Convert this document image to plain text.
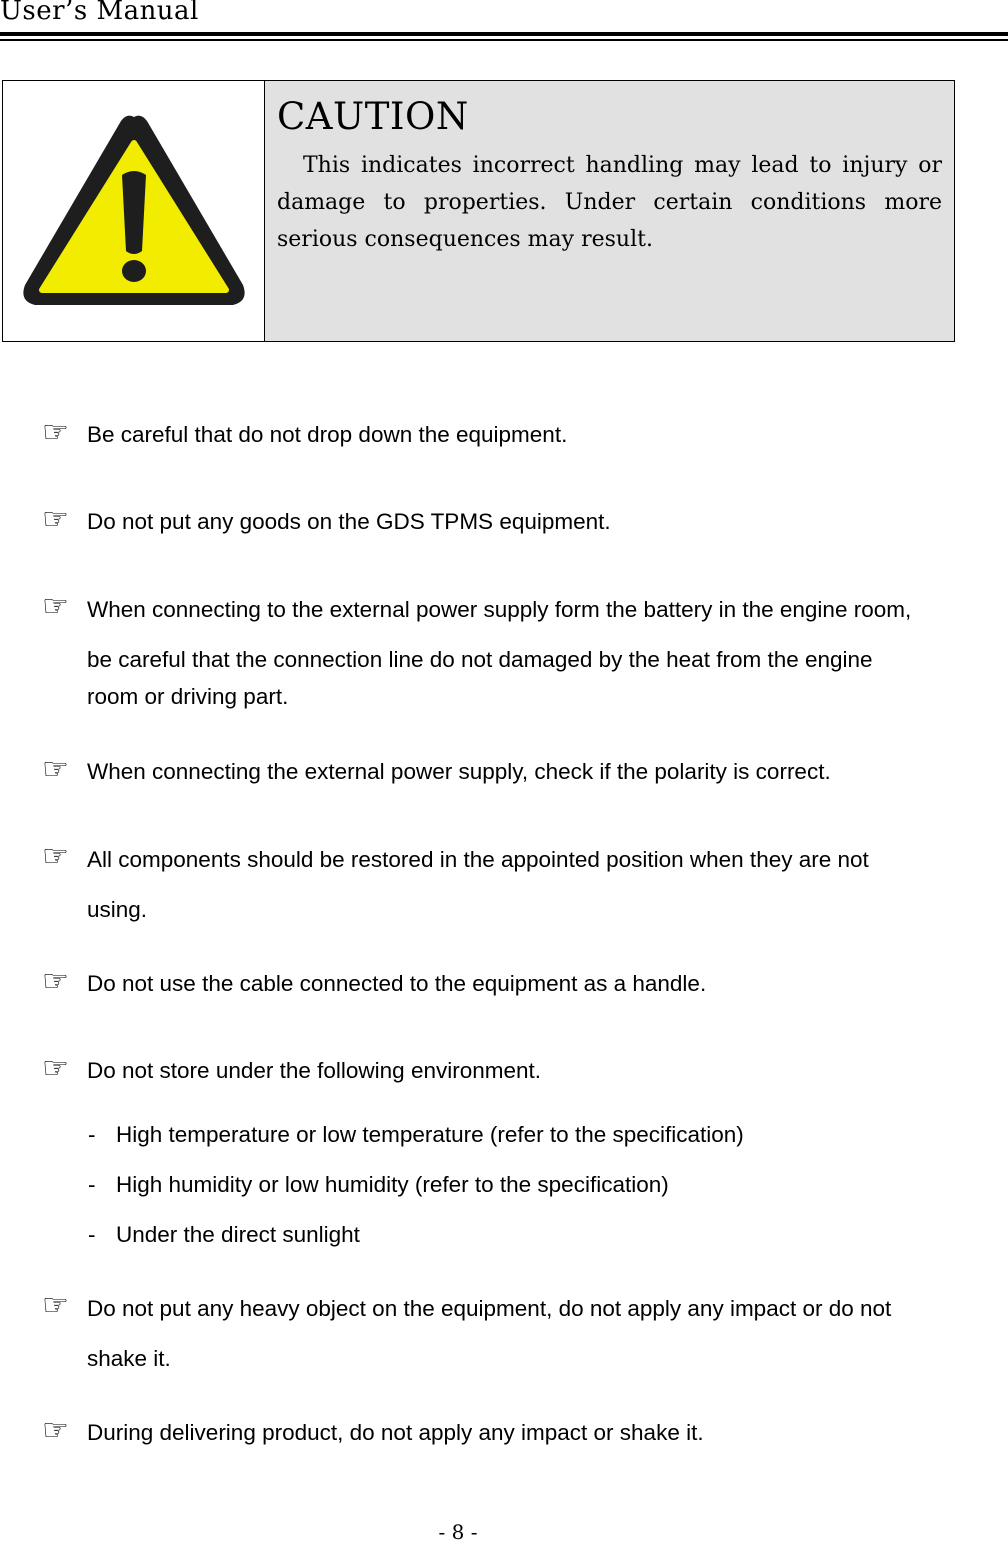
User’s Manual
CAUTION

This indicates incorrect handling may lead to injury or damage to properties. Under certain conditions more serious consequences may result.

☞ Be careful that do not drop down the equipment.
☞ Do not put any goods on the GDS TPMS equipment.
☞ When connecting to the external power supply form the battery in the engine room,
be careful that the connection line do not damaged by the heat from the engine
room or driving part.
☞ When connecting the external power supply, check if the polarity is correct.
☞ All components should be restored in the appointed position when they are not
using.
☞ Do not use the cable connected to the equipment as a handle.
☞ Do not store under the following environment.
- High temperature or low temperature (refer to the specification)
- High humidity or low humidity (refer to the specification)
- Under the direct sunlight
☞ Do not put any heavy object on the equipment, do not apply any impact or do not
shake it.
☞ During delivering product, do not apply any impact or shake it.
- 8 -
